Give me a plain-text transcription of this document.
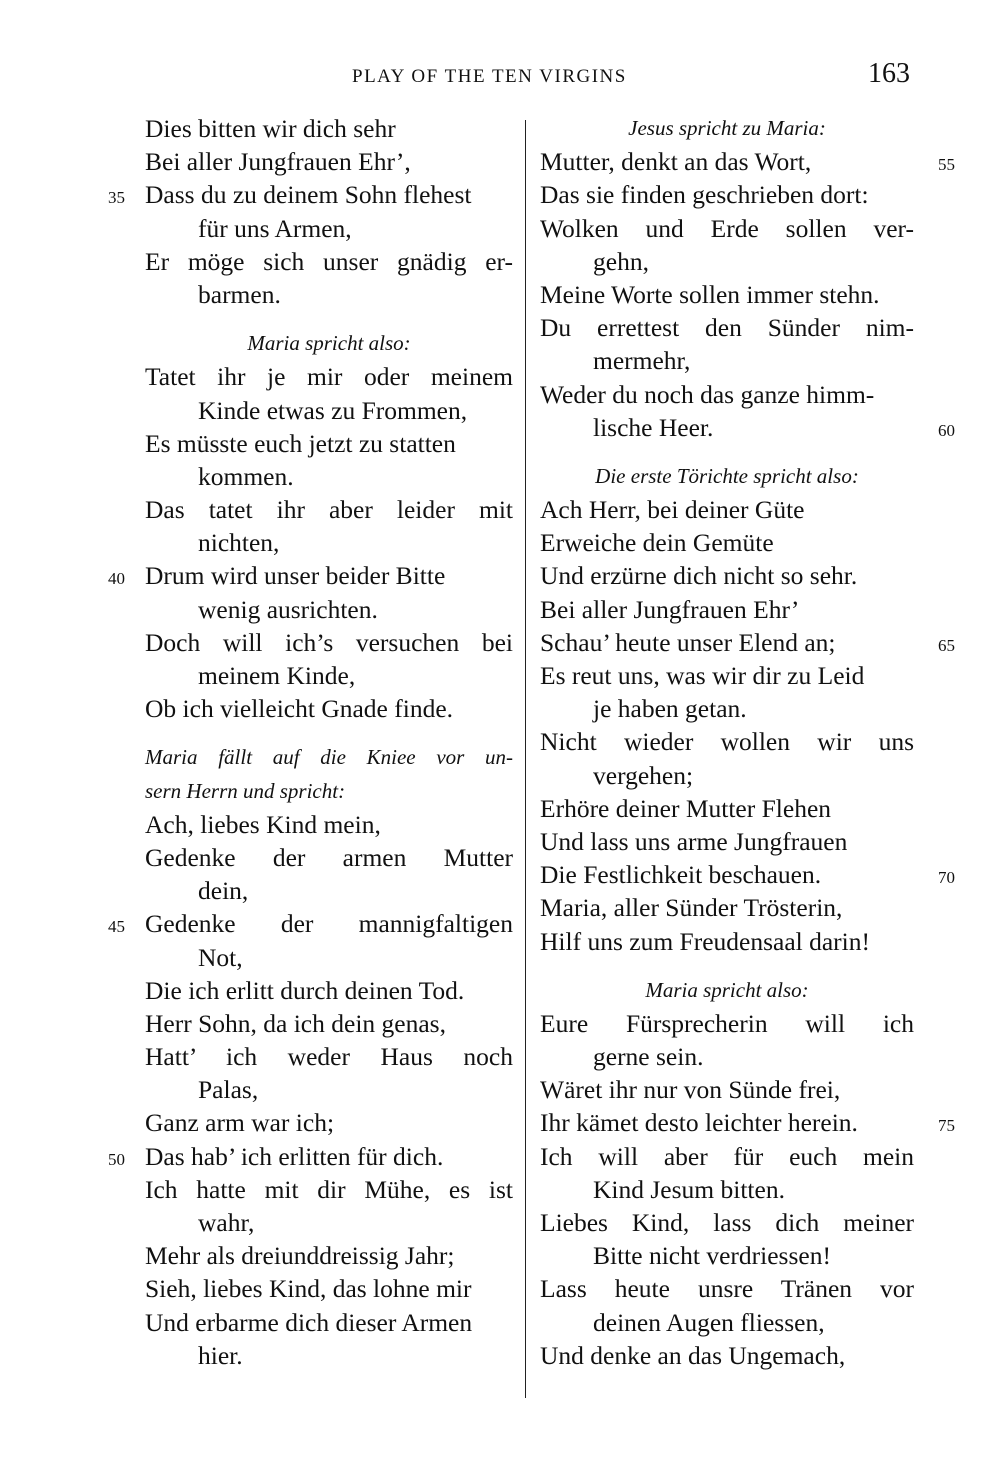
PLAY OF THE TEN VIRGINS	163
Dies bitten wir dich sehr
Bei aller Jungfrauen Ehr’,
35 Dass du zu deinem Sohn flehest
für uns Armen,
Er möge sich unser gnädig er-
barmen.
Maria spricht also:
Tatet ihr je mir oder meinem
Kinde etwas zu Frommen,
Es müsste euch jetzt zu statten
kommen.
Das tatet ihr aber leider mit
nichten,
40 Drum wird unser beider Bitte
wenig ausrichten.
Doch will ich’s versuchen bei
meinem Kinde,
Ob ich vielleicht Gnade finde.
Maria fällt auf die Kniee vor un-
sern Herrn und spricht:
Ach, liebes Kind mein,
Gedenke der armen Mutter
dein,
45 Gedenke der mannigfaltigen
Not,
Die ich erlitt durch deinen Tod.
Herr Sohn, da ich dein genas,
Hatt’ ich weder Haus noch
Palas,
Ganz arm war ich;
50 Das hab’ ich erlitten für dich.
Ich hatte mit dir Mühe, es ist
wahr,
Mehr als dreiunddreissig Jahr;
Sieh, liebes Kind, das lohne mir
Und erbarme dich dieser Armen
hier.
Jesus spricht zu Maria:
Mutter, denkt an das Wort,	55
Das sie finden geschrieben dort:
Wolken und Erde sollen ver-
gehn,
Meine Worte sollen immer stehn.
Du errettest den Sünder nim-
mermehr,
Weder du noch das ganze himm-
lische Heer.	60
Die erste Törichte spricht also:
Ach Herr, bei deiner Güte
Erweiche dein Gemüte
Und erzürne dich nicht so sehr.
Bei aller Jungfrauen Ehr’
Schau’ heute unser Elend an;	65
Es reut uns, was wir dir zu Leid
je haben getan.
Nicht wieder wollen wir uns
vergehen;
Erhöre deiner Mutter Flehen
Und lass uns arme Jungfrauen
Die Festlichkeit beschauen.	70
Maria, aller Sünder Trösterin,
Hilf uns zum Freudensaal darin!
Maria spricht also:
Eure Fürsprecherin will ich
gerne sein.
Wäret ihr nur von Sünde frei,
Ihr kämet desto leichter herein.	75
Ich will aber für euch mein
Kind Jesum bitten.
Liebes Kind, lass dich meiner
Bitte nicht verdriessen!
Lass heute unsre Tränen vor
deinen Augen fliessen,
Und denke an das Ungemach,
